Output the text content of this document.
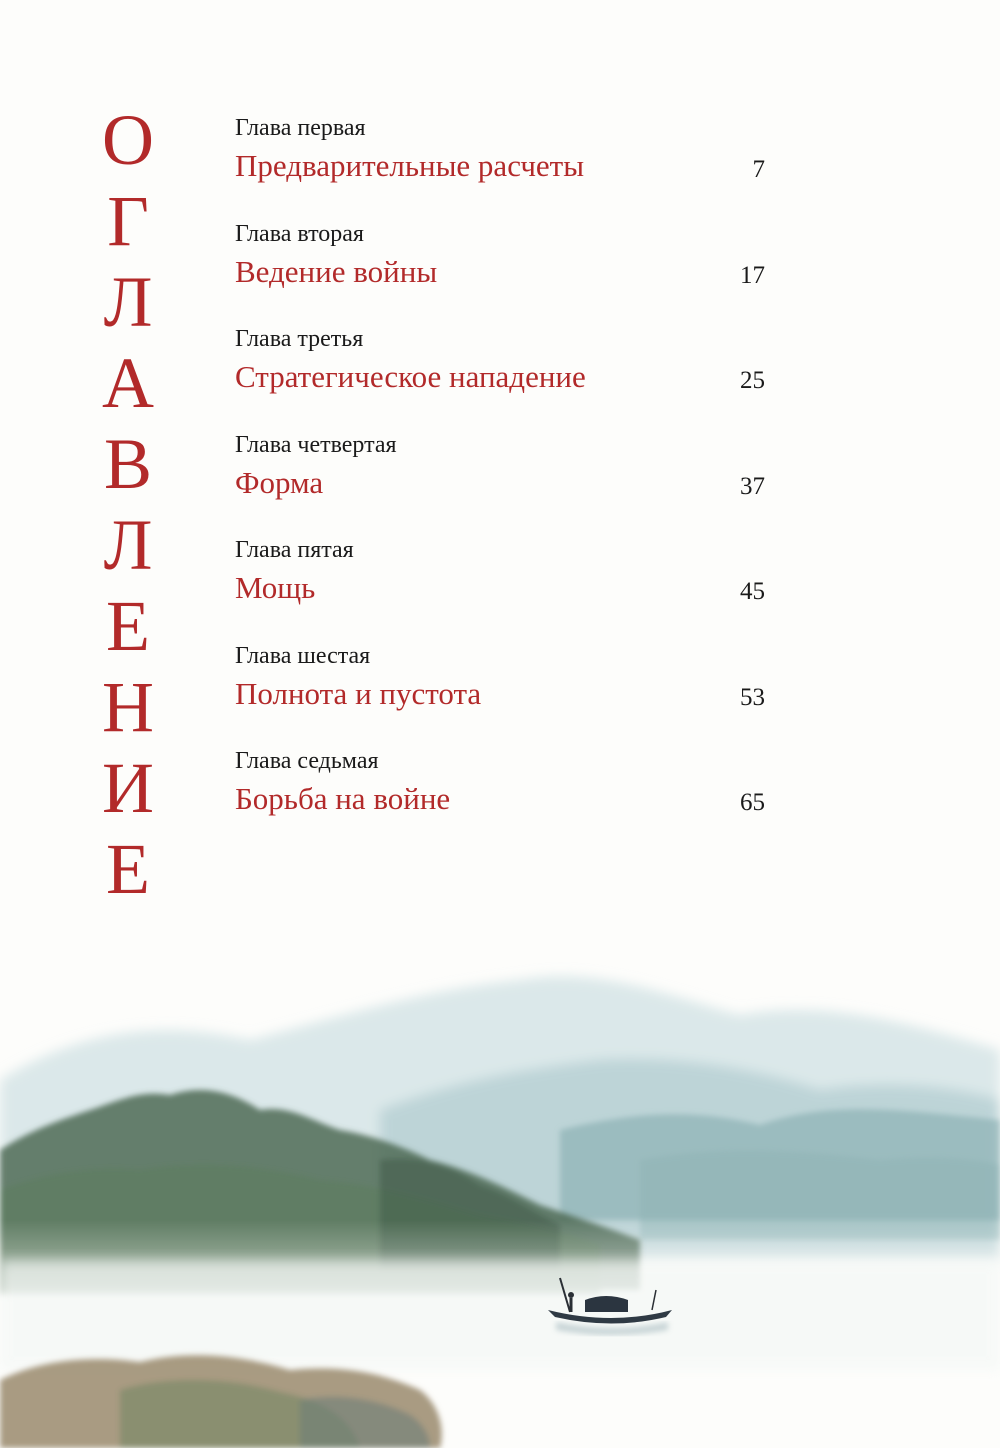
О
Г
Л
А
В
Л
Е
Н
И
Е
Глава первая
Предварительные расчеты	7
Глава вторая
Ведение войны	17
Глава третья
Стратегическое нападение	25
Глава четвертая
Форма	37
Глава пятая
Мощь	45
Глава шестая
Полнота и пустота	53
Глава седьмая
Борьба на войне	65
